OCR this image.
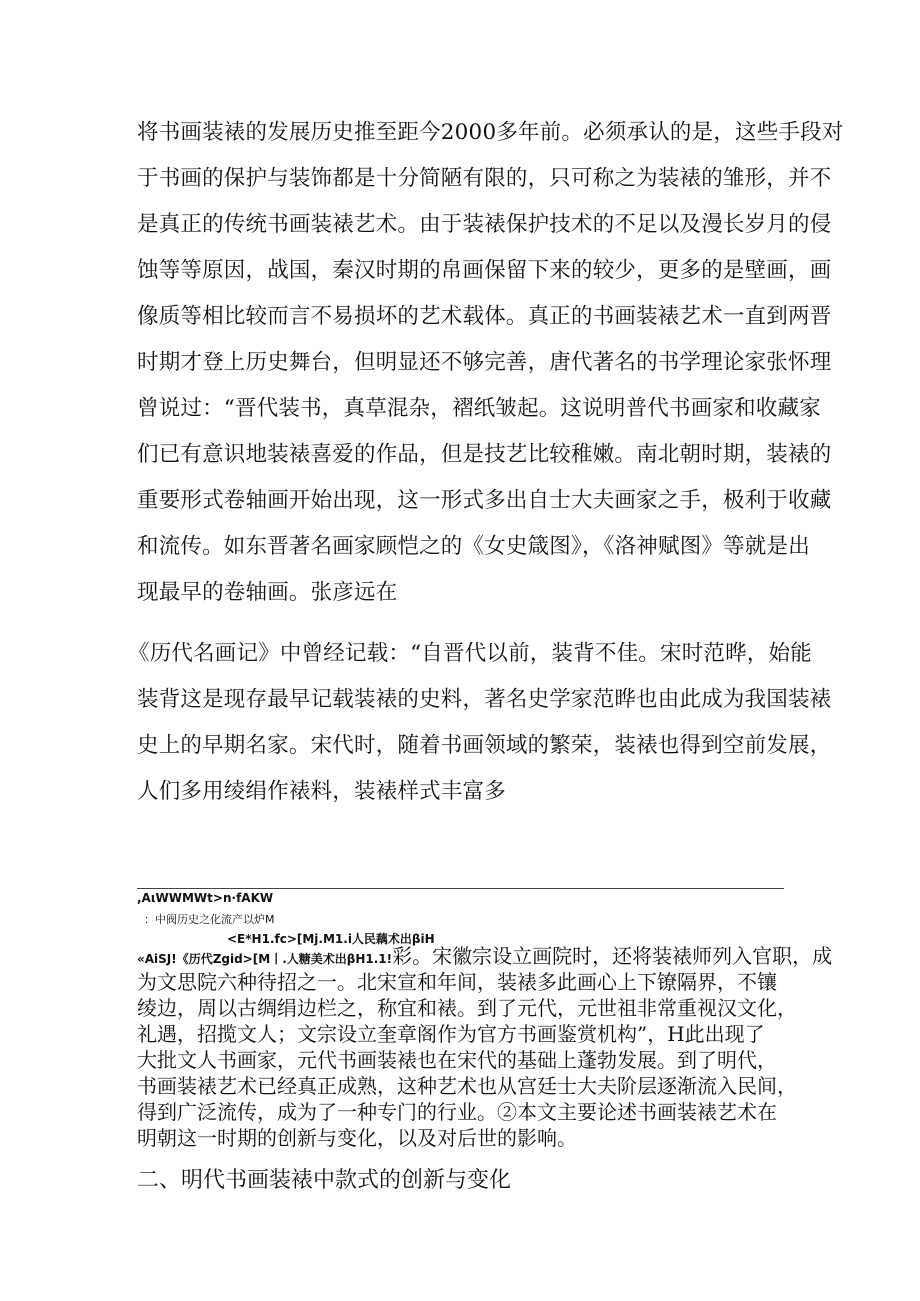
将书画装裱的发展历史推至距今2000多年前。必须承认的是，这些手段对
于书画的保护与装饰都是十分简陋有限的，只可称之为装裱的雏形，并不
是真正的传统书画装裱艺术。由于装裱保护技术的不足以及漫长岁月的侵
蚀等等原因，战国，秦汉时期的帛画保留下来的较少，更多的是壁画，画
像质等相比较而言不易损坏的艺术载体。真正的书画装裱艺术一直到两晋
时期才登上历史舞台，但明显还不够完善，唐代著名的书学理论家张怀理
曾说过：“晋代装书，真草混杂，褶纸皱起。这说明普代书画家和收藏家
们已有意识地装裱喜爱的作品，但是技艺比较稚嫩。南北朝时期，装裱的
重要形式卷轴画开始出现，这一形式多出自士大夫画家之手，极利于收藏
和流传。如东晋著名画家顾恺之的《女史箴图》，《洛神赋图》等就是出
现最早的卷轴画。张彦远在
《历代名画记》中曾经记载：“自晋代以前，装背不佳。宋时范晔，始能
装背这是现存最早记载装裱的史料，著名史学家范晔也由此成为我国装裱
史上的早期名家。宋代时，随着书画领域的繁荣，装裱也得到空前发展，
人们多用绫绢作裱料，装裱样式丰富多
,AιWWMWt>n·fAKW
：中阀历史之化流产以炉M
<E*H1.fc>[Mj.M1.i人民藕术出βiH
«AiSJ!《历代Zgid>[M丨.人糖美术出βH1.1!彩。宋徽宗设立画院时，还将装裱师列入官职，成
为文思院六种待招之一。北宋宣和年间，装裱多此画心上下镣隔界，不镶
绫边，周以古绸绢边栏之，称宜和裱。到了元代，元世祖非常重视汉文化，
礼遇，招揽文人；文宗设立奎章阁作为官方书画鉴赏机构”，H此出现了
大批文人书画家，元代书画装裱也在宋代的基础上蓬勃发展。到了明代，
书画装裱艺术已经真正成熟，这种艺术也从宫廷士大夫阶层逐渐流入民间，
得到广泛流传，成为了一种专门的行业。②本文主要论述书画装裱艺术在
明朝这一时期的创新与变化，以及对后世的影响。
二、明代书画装裱中款式的创新与变化
